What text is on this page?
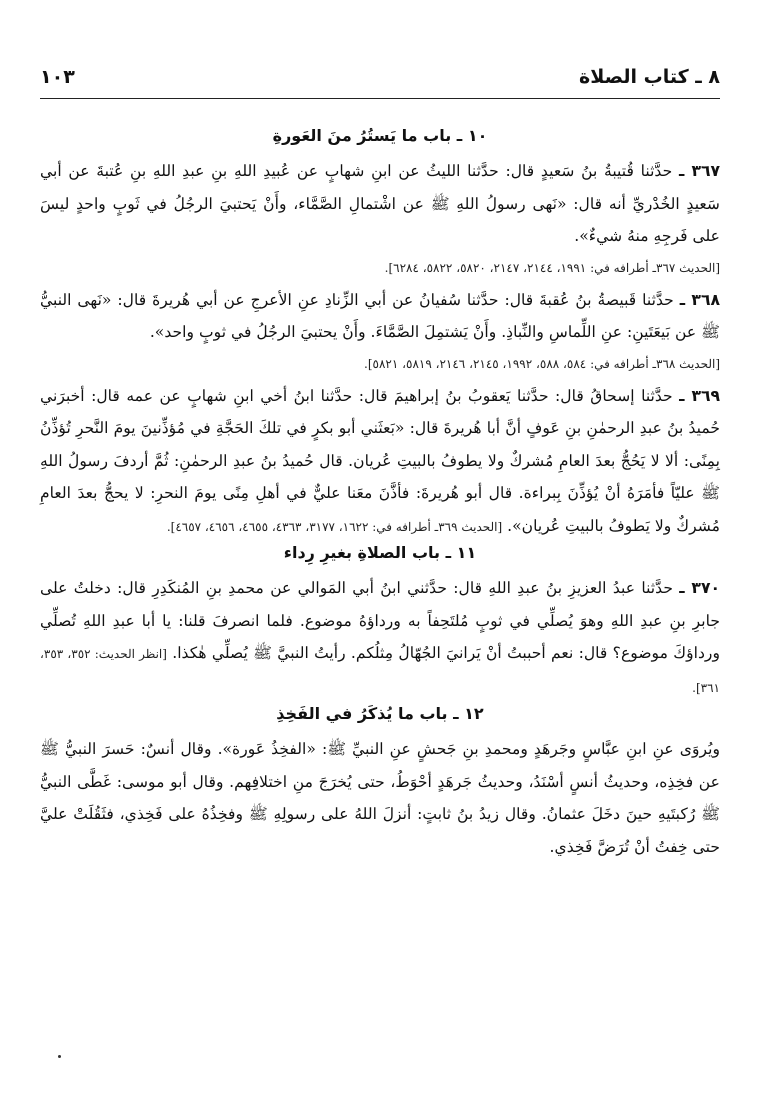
٨ ـ كتاب الصلاة
١٠٣
١٠ ـ باب ما يَستُرُ منَ العَورةِ

٣٦٧ ـ حدَّثنا قُتيبةُ بنُ سَعيدٍ قال: حدَّثنا الليثُ عن ابنِ شهابٍ عن عُبيدِ اللهِ بنِ عبدِ اللهِ بنِ عُتبةَ عن أبي سَعيدٍ الخُدْريِّ أنه قال: «نَهى رسولُ اللهِ ﷺ عن اشْتمالِ الصَّمَّاء، وأَنْ يَحتبيَ الرجُلُ في ثَوبٍ واحدٍ ليسَ على فَرجِهِ منهُ شيءٌ».

[الحديث ٣٦٧ـ أطرافه في: ١٩٩١، ٢١٤٤، ٢١٤٧، ٥٨٢٠، ٥٨٢٢، ٦٢٨٤].

٣٦٨ ـ حدَّثنا قَبيصةُ بنُ عُقبةَ قال: حدَّثنا سُفيانُ عن أبي الزِّنادِ عنِ الأعرجِ عن أبي هُريرةَ قال: «نَهى النبيُّ ﷺ عن بَيعَتَينِ: عنِ اللِّماسِ والنِّباذِ. وأَنْ يَشتمِلَ الصَّمَّاءَ. وأَنْ يحتبيَ الرجُلُ في ثوبٍ واحد».

[الحديث ٣٦٨ـ أطرافه في: ٥٨٤، ٥٨٨، ١٩٩٢، ٢١٤٥، ٢١٤٦، ٥٨١٩، ٥٨٢١].

٣٦٩ ـ حدَّثنا إسحاقُ قال: حدَّثنا يَعقوبُ بنُ إبراهيمَ قال: حدَّثنا ابنُ أخي ابنِ شهابٍ عن عمه قال: أخبرَني حُميدُ بنُ عبدِ الرحمٰنِ بنِ عَوفٍ أنَّ أبا هُريرةَ قال: «بَعثَني أبو بكرٍ في تلكَ الحَجَّةِ في مُؤذِّنينَ يومَ النَّحرِ تُؤذِّنُ بِمِنًى: ألا لا يَحُجُّ بعدَ العامِ مُشركٌ ولا يطوفُ بالبيتِ عُريان. قال حُميدُ بنُ عبدِ الرحمٰنِ: ثُمَّ أردفَ رسولُ اللهِ ﷺ عليّاً فأمَرَهُ أنْ يُؤذِّنَ بِبراءة. قال أبو هُريرةَ: فأذَّنَ معَنا عليٌّ في أهلِ مِنًى يومَ النحرِ: لا يحجُّ بعدَ العامِ مُشركٌ ولا يَطوفُ بالبيتِ عُريان». [الحديث ٣٦٩ـ أطرافه في: ١٦٢٢، ٣١٧٧، ٤٣٦٣، ٤٦٥٥، ٤٦٥٦، ٤٦٥٧].

١١ ـ باب الصلاةِ بغيرِ رِداء

٣٧٠ ـ حدَّثنا عبدُ العزيزِ بنُ عبدِ اللهِ قال: حدَّثني ابنُ أبي المَوالي عن محمدِ بنِ المُنكَدِرِ قال: دخلتُ على جابرِ بنِ عبدِ اللهِ وهوَ يُصلِّي في ثوبٍ مُلتَحِفاً به ورداؤهُ موضوع. فلما انصرفَ قلنا: يا أبا عبدِ اللهِ تُصلِّي ورداؤكَ موضوع؟ قال: نعم أحببتُ أنْ يَرانيَ الجُهّالُ مِثلُكم. رأيتُ النبيَّ ﷺ يُصلِّي هٰكذا. [انظر الحديث: ٣٥٢، ٣٥٣، ٣٦١].

١٢ ـ باب ما يُذكَرُ في الفَخِذِ

ويُروَى عنِ ابنِ عبَّاسٍ وجَرهَدٍ ومحمدِ بنِ جَحشٍ عنِ النبيِّ ﷺ: «الفخِذُ عَورة». وقال أنسٌ: حَسرَ النبيُّ ﷺ عن فخِذِه، وحديثُ أنسٍ أسْنَدُ، وحديثُ جَرهَدٍ أحْوَطُ، حتى يُخرَجَ منِ اختلافِهم. وقال أبو موسى: غَطَّى النبيُّ ﷺ رُكبتَيهِ حينَ دخَلَ عثمانُ. وقال زيدُ بنُ ثابتٍ: أنزلَ اللهُ على رسولِهِ ﷺ وفخِذُهُ على فَخِذي، فثَقُلَتْ عليَّ حتى خِفتُ أنْ تُرَضَّ فَخِذي.
